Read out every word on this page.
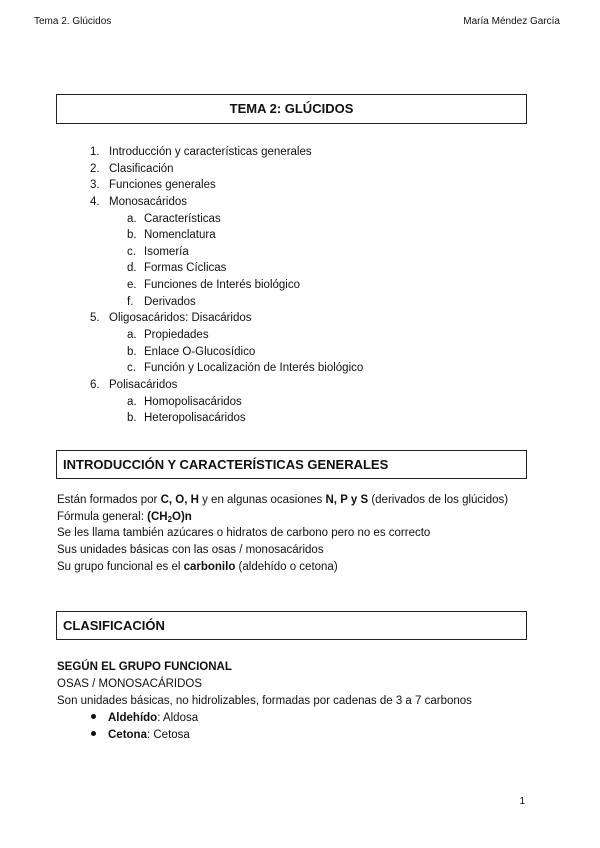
Tema 2. Glúcidos	María Méndez García
TEMA 2: GLÚCIDOS
1. Introducción y características generales
2. Clasificación
3. Funciones generales
4. Monosacáridos
a. Características
b. Nomenclatura
c. Isomería
d. Formas Cíclicas
e. Funciones de Interés biológico
f. Derivados
5. Oligosacáridos: Disacáridos
a. Propiedades
b. Enlace O-Glucosídico
c. Función y Localización de Interés biológico
6. Polisacáridos
a. Homopolisacáridos
b. Heteropolisacáridos
INTRODUCCIÓN Y CARACTERÍSTICAS GENERALES
Están formados por C, O, H y en algunas ocasiones N, P y S (derivados de los glúcidos)
Fórmula general: $(CH_2O)n$
Se les llama también azúcares o hidratos de carbono pero no es correcto
Sus unidades básicas con las osas / monosacáridos
Su grupo funcional es el carbonilo (aldehído o cetona)
CLASIFICACIÓN
SEGÚN EL GRUPO FUNCIONAL
OSAS / MONOSACÁRIDOS
Son unidades básicas, no hidrolizables, formadas por cadenas de 3 a 7 carbonos
Aldehído: Aldosa
Cetona: Cetosa
1
